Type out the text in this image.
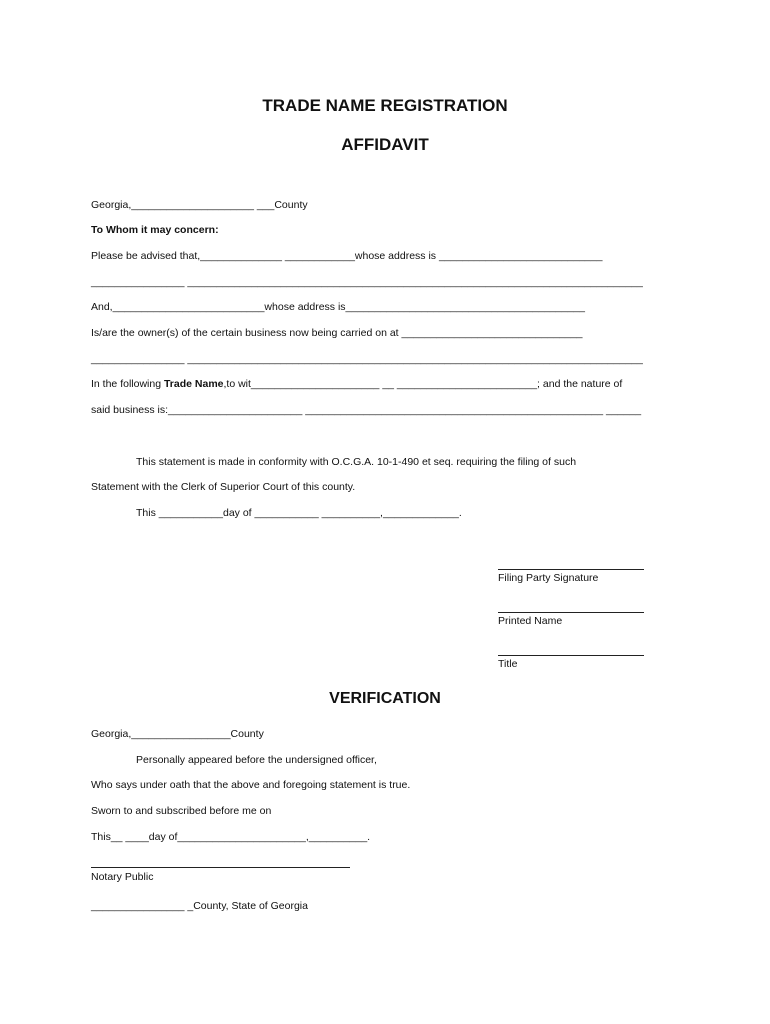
TRADE NAME REGISTRATION
AFFIDAVIT
Georgia,_____________________ ___County
To Whom it may concern:
Please be advised that,______________ ____________whose address is ____________________________
________________ ______________________________________________________________________________
And,__________________________whose address is_________________________________________
Is/are the owner(s) of the certain business now being carried on at _______________________________
________________ ______________________________________________________________________________
In the following Trade Name,to wit______________________ __ ________________________; and the nature of
said business is:_______________________ ___________________________________________________ ______
This statement is made in conformity with O.C.G.A. 10-1-490 et seq. requiring the filing of such
Statement with the Clerk of Superior Court of this county.
This ___________day of ___________ __________,_____________.
Filing Party Signature
Printed Name
Title
VERIFICATION
Georgia,_________________County
Personally appeared before the undersigned officer,
Who says under oath that the above and foregoing statement is true.
Sworn to and subscribed before me on
This__ ____day of______________________,__________.
Notary Public
________________ _County, State of Georgia
